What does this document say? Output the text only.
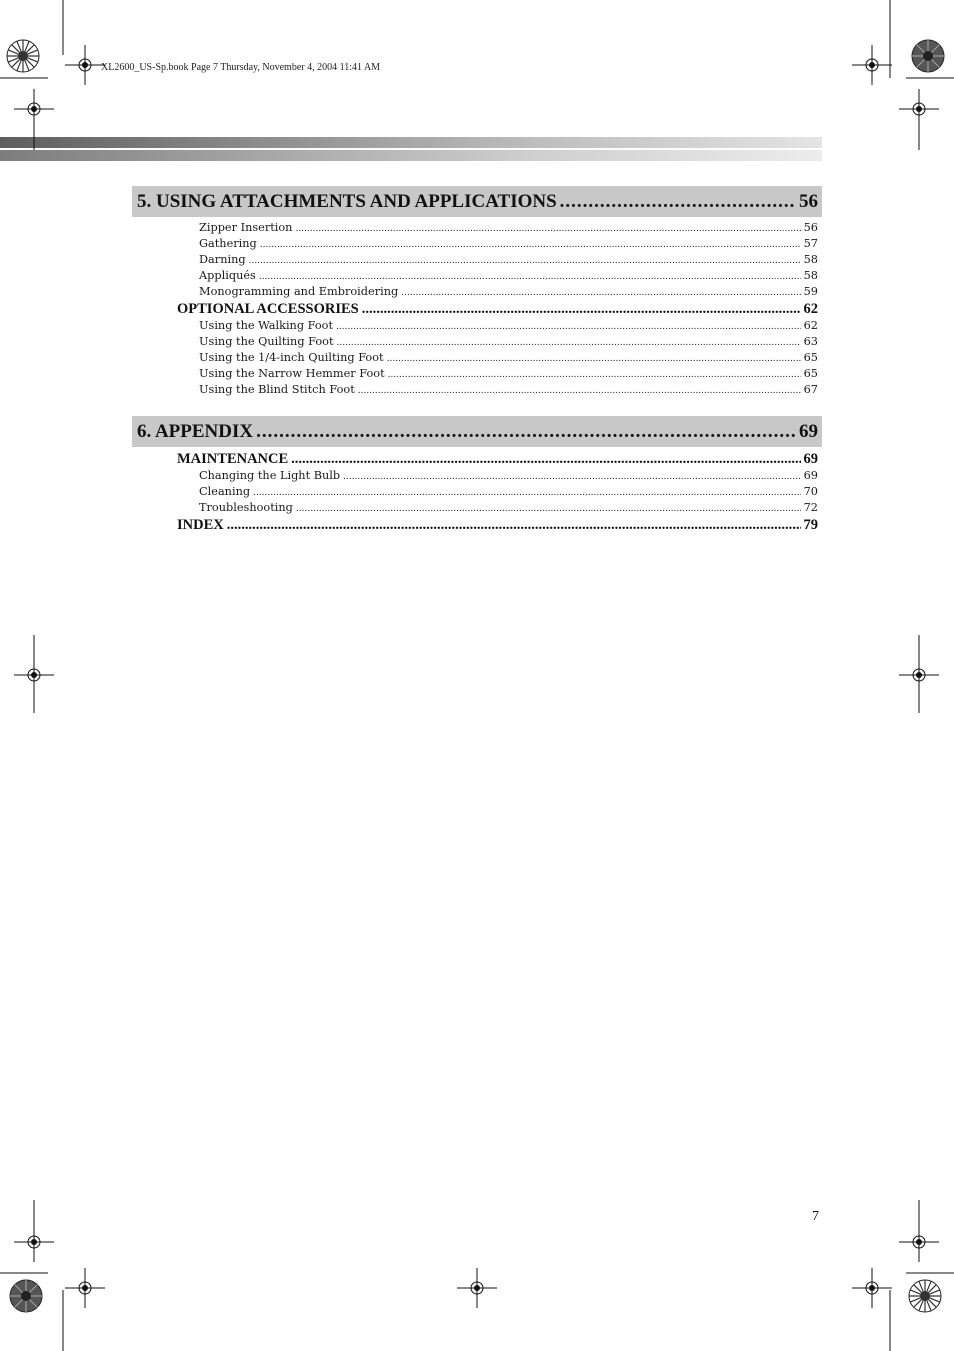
XL2600_US-Sp.book Page 7 Thursday, November 4, 2004 11:41 AM
5. USING ATTACHMENTS AND APPLICATIONS .....	56
Zipper Insertion .....	56
Gathering .....	57
Darning .....	58
Appliqués .....	58
Monogramming and Embroidering .....	59
OPTIONAL ACCESSORIES .....	62
Using the Walking Foot .....	62
Using the Quilting Foot .....	63
Using the 1/4-inch Quilting Foot .....	65
Using the Narrow Hemmer Foot .....	65
Using the Blind Stitch Foot .....	67
6. APPENDIX .....	69
MAINTENANCE .....	69
Changing the Light Bulb .....	69
Cleaning .....	70
Troubleshooting .....	72
INDEX .....	79
7
